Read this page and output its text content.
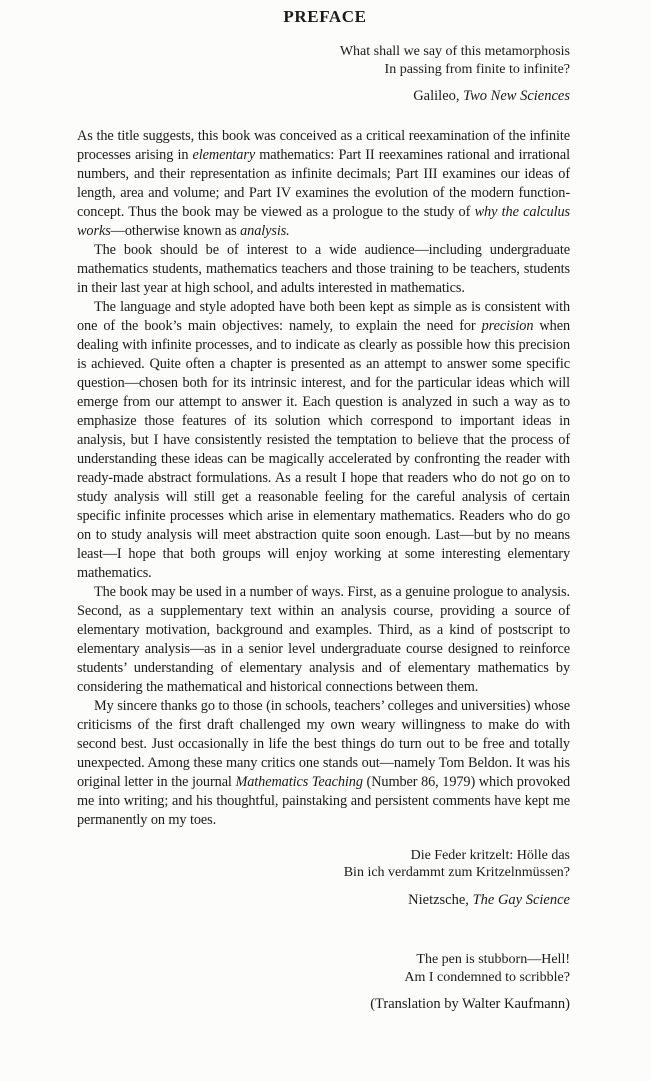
PREFACE
What shall we say of this metamorphosis
In passing from finite to infinite?
Galileo, Two New Sciences

As the title suggests, this book was conceived as a critical reexamination of the infinite processes arising in elementary mathematics: Part II reexamines rational and irrational numbers, and their representation as infinite decimals; Part III examines our ideas of length, area and volume; and Part IV examines the evolution of the modern function-concept. Thus the book may be viewed as a prologue to the study of why the calculus works—otherwise known as analysis.

The book should be of interest to a wide audience—including undergraduate mathematics students, mathematics teachers and those training to be teachers, students in their last year at high school, and adults interested in mathematics.

The language and style adopted have both been kept as simple as is consistent with one of the book’s main objectives: namely, to explain the need for precision when dealing with infinite processes, and to indicate as clearly as possible how this precision is achieved. Quite often a chapter is presented as an attempt to answer some specific question—chosen both for its intrinsic interest, and for the particular ideas which will emerge from our attempt to answer it. Each question is analyzed in such a way as to emphasize those features of its solution which correspond to important ideas in analysis, but I have consistently resisted the temptation to believe that the process of understanding these ideas can be magically accelerated by confronting the reader with ready-made abstract formulations. As a result I hope that readers who do not go on to study analysis will still get a reasonable feeling for the careful analysis of certain specific infinite processes which arise in elementary mathematics. Readers who do go on to study analysis will meet abstraction quite soon enough. Last—but by no means least—I hope that both groups will enjoy working at some interesting elementary mathematics.

The book may be used in a number of ways. First, as a genuine prologue to analysis. Second, as a supplementary text within an analysis course, providing a source of elementary motivation, background and examples. Third, as a kind of postscript to elementary analysis—as in a senior level undergraduate course designed to reinforce students’ understanding of elementary analysis and of elementary mathematics by considering the mathematical and historical connections between them.

My sincere thanks go to those (in schools, teachers’ colleges and universities) whose criticisms of the first draft challenged my own weary willingness to make do with second best. Just occasionally in life the best things do turn out to be free and totally unexpected. Among these many critics one stands out—namely Tom Beldon. It was his original letter in the journal Mathematics Teaching (Number 86, 1979) which provoked me into writing; and his thoughtful, painstaking and persistent comments have kept me permanently on my toes.

Die Feder kritzelt: Hölle das
Bin ich verdammt zum Kritzelnmüssen?
Nietzsche, The Gay Science
The pen is stubborn—Hell!
Am I condemned to scribble?
(Translation by Walter Kaufmann)
